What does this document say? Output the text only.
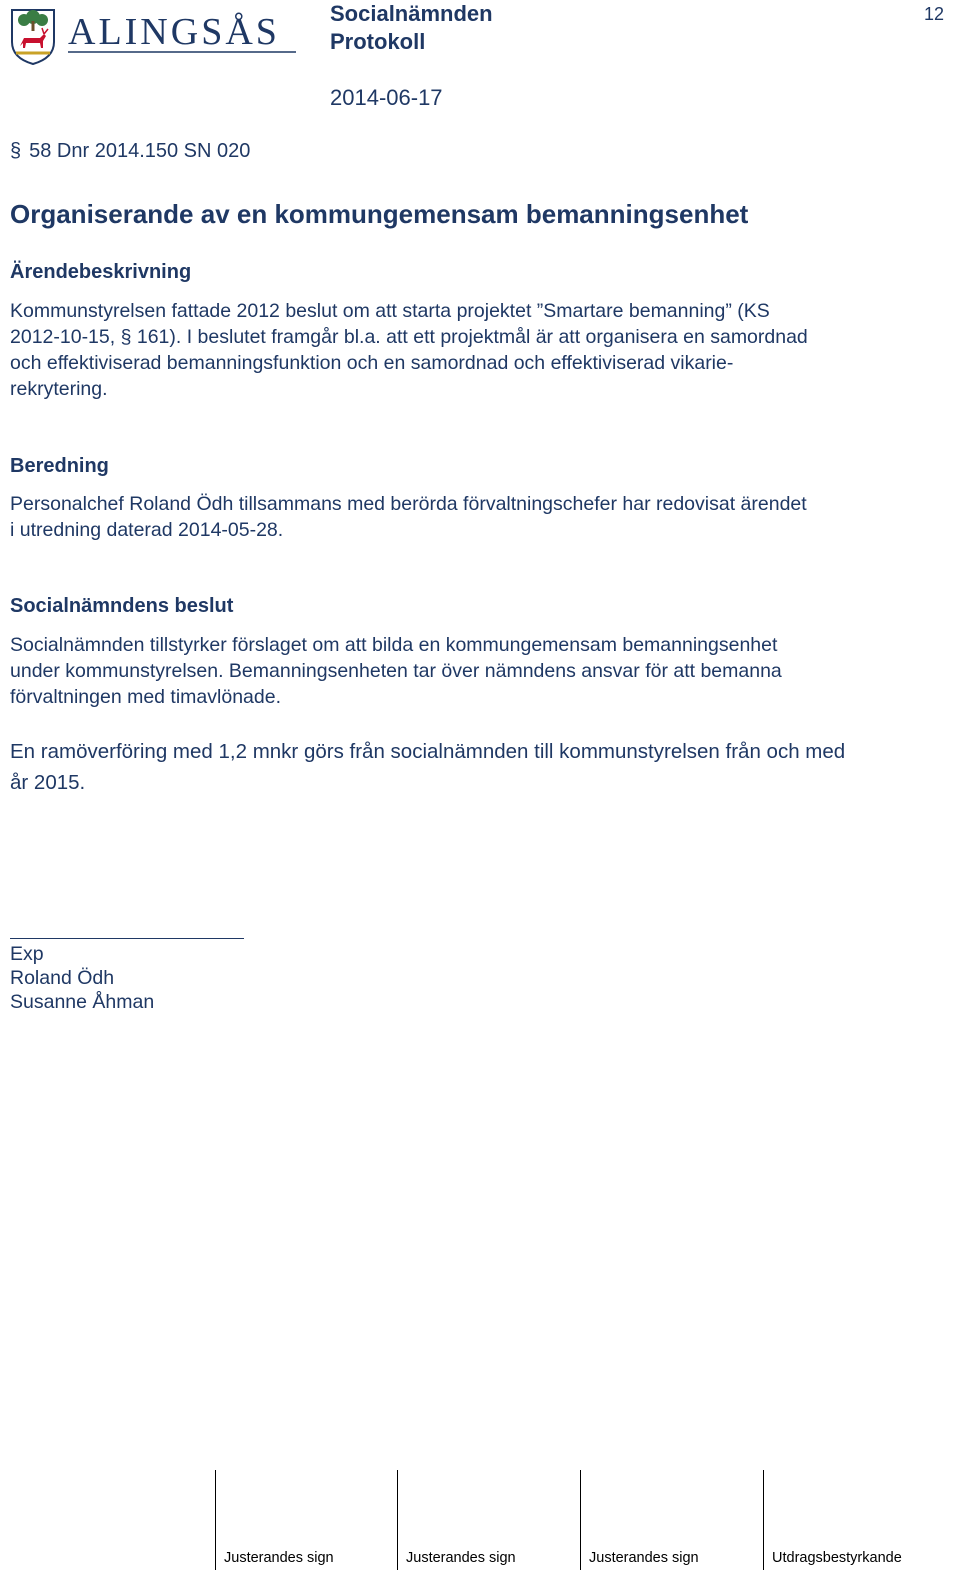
ALINGSÅS Socialnämnden
Protokoll
12
2014-06-17
§ 58 Dnr 2014.150 SN 020
Organiserande av en kommungemensam bemanningsenhet
Ärendebeskrivning

Kommunstyrelsen fattade 2012 beslut om att starta projektet ”Smartare bemanning” (KS
2012-10-15, § 161). I beslutet framgår bl.a. att ett projektmål är att organisera en samordnad
och effektiviserad bemanningsfunktion och en samordnad och effektiviserad vikarie-
rekrytering.

Beredning

Personalchef Roland Ödh tillsammans med berörda förvaltningschefer har redovisat ärendet
i utredning daterad 2014-05-28.

Socialnämndens beslut

Socialnämnden tillstyrker förslaget om att bilda en kommungemensam bemanningsenhet
under kommunstyrelsen. Bemanningsenheten tar över nämndens ansvar för att bemanna
förvaltningen med timavlönade.

En ramöverföring med 1,2 mnkr görs från socialnämnden till kommunstyrelsen från och med
år 2015.

Exp
Roland Ödh
Susanne Åhman
Justerandes sign	Justerandes sign	Justerandes sign	Utdragsbestyrkande
